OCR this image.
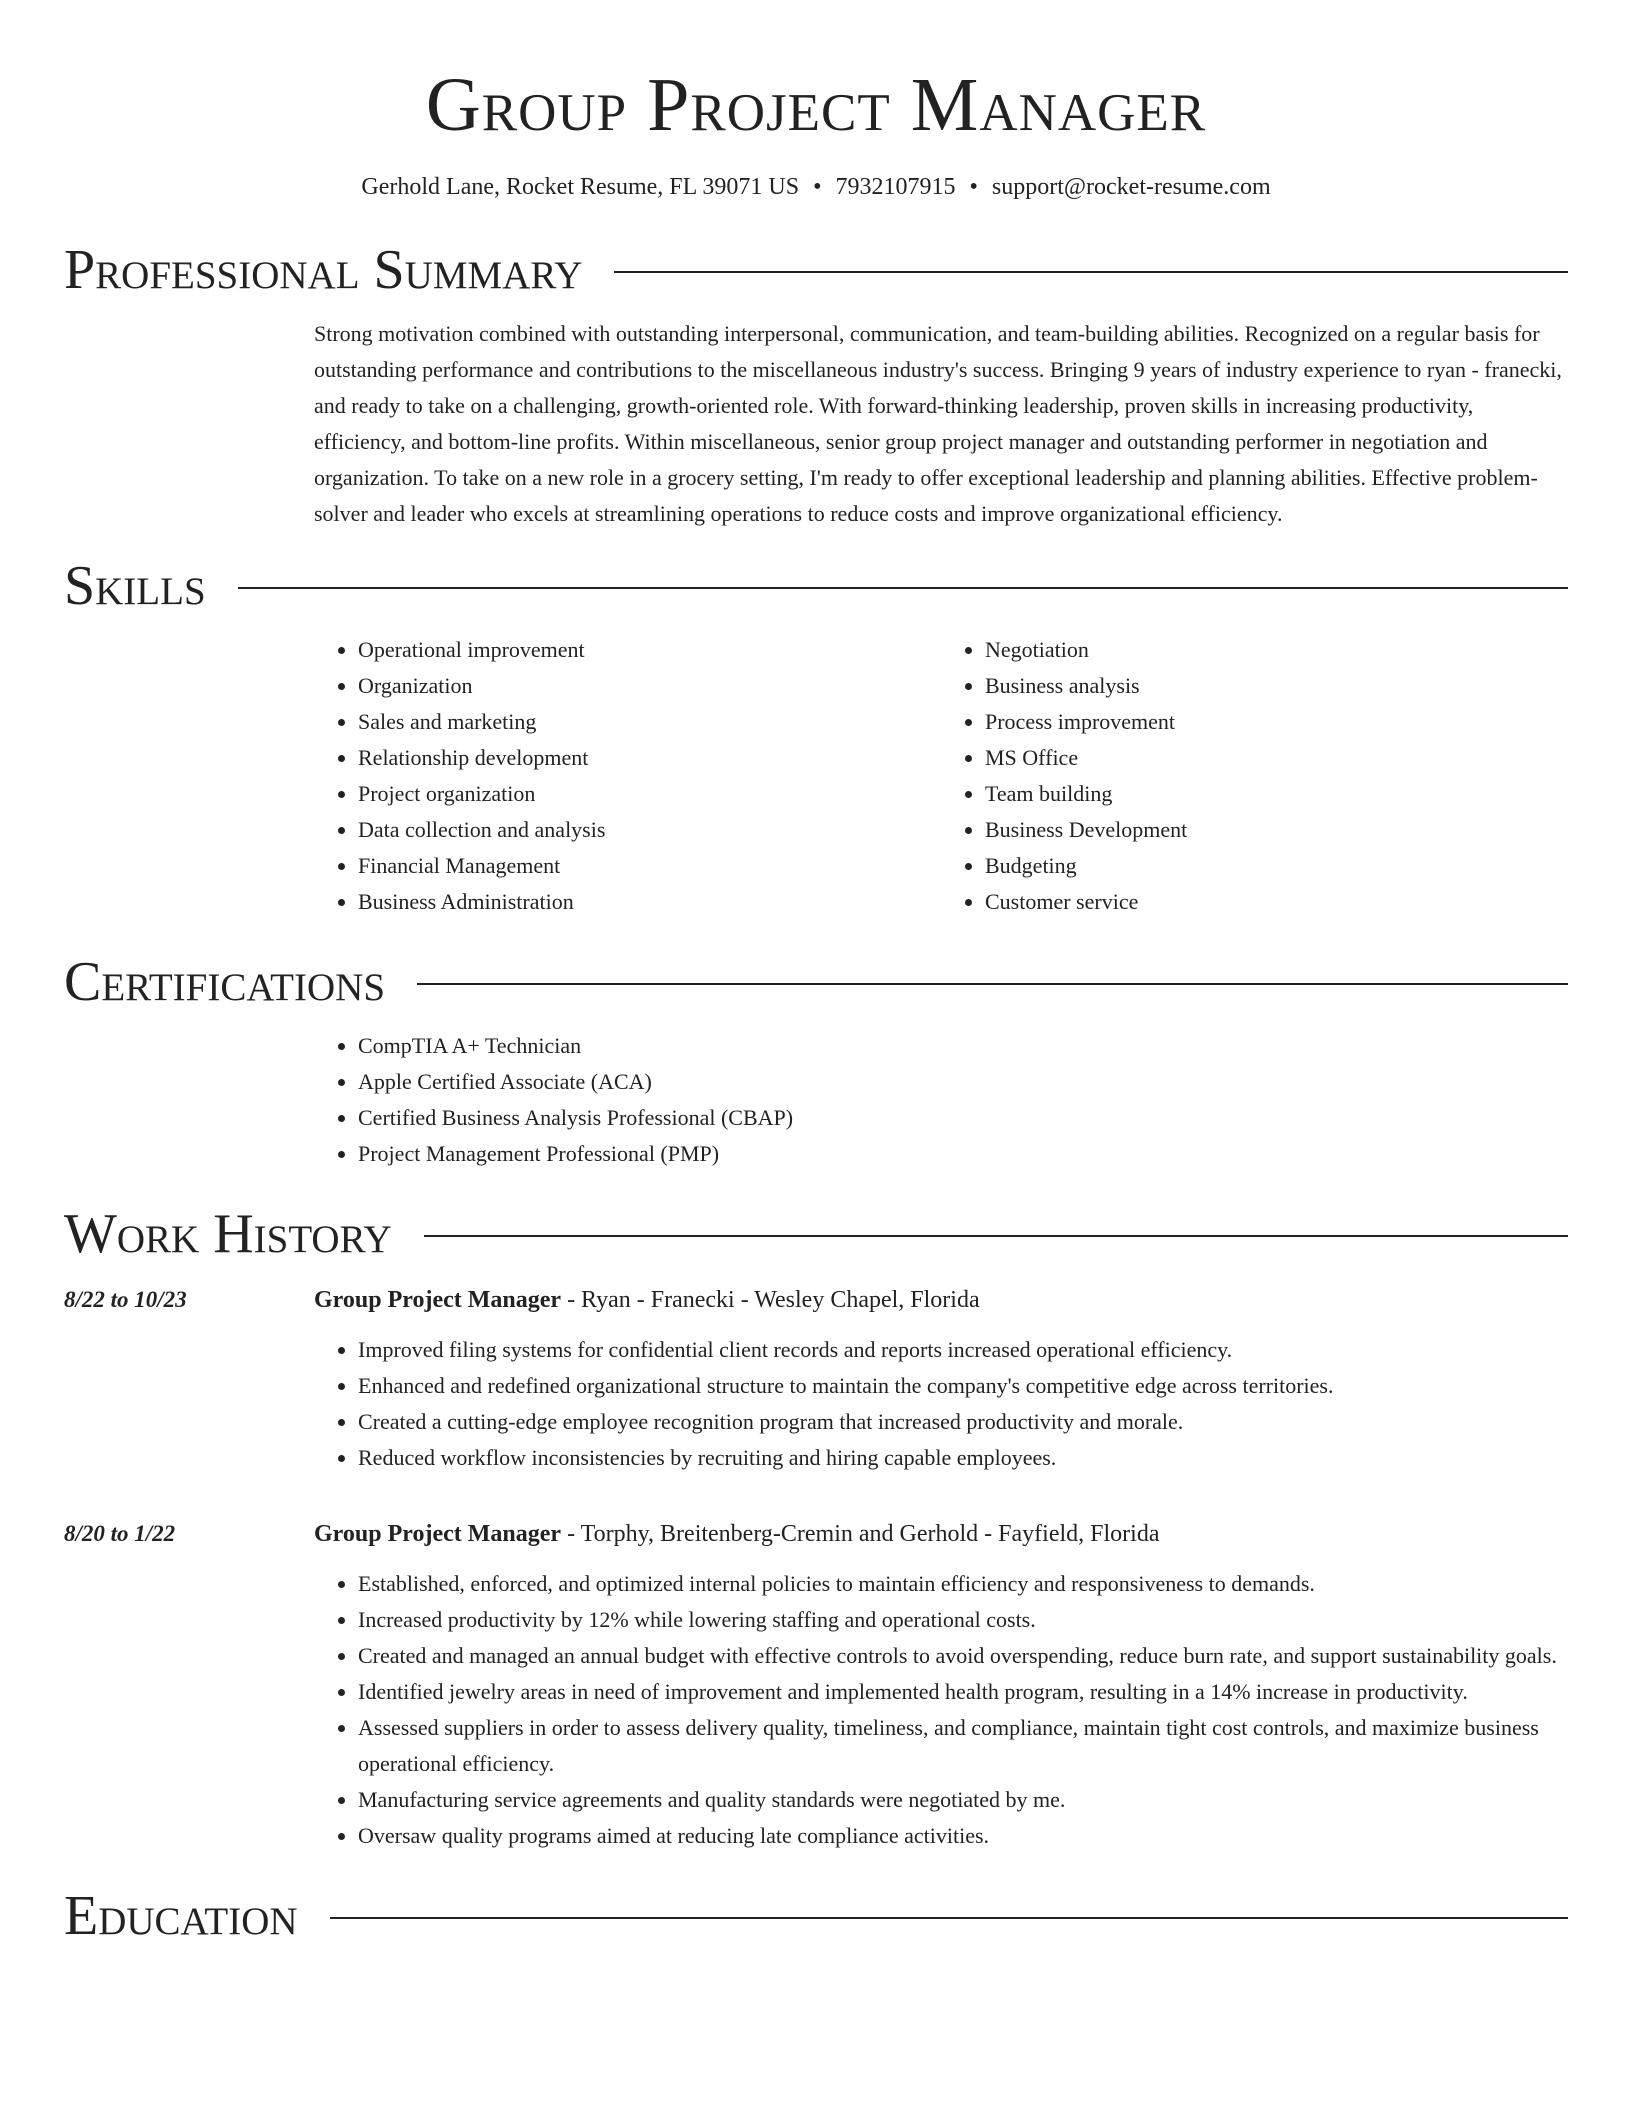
Group Project Manager
Gerhold Lane, Rocket Resume, FL 39071 US • 7932107915 • support@rocket-resume.com
Professional Summary

Strong motivation combined with outstanding interpersonal, communication, and team-building abilities. Recognized on a regular basis for outstanding performance and contributions to the miscellaneous industry's success. Bringing 9 years of industry experience to ryan - franecki, and ready to take on a challenging, growth-oriented role. With forward-thinking leadership, proven skills in increasing productivity, efficiency, and bottom-line profits. Within miscellaneous, senior group project manager and outstanding performer in negotiation and organization. To take on a new role in a grocery setting, I'm ready to offer exceptional leadership and planning abilities. Effective problem-solver and leader who excels at streamlining operations to reduce costs and improve organizational efficiency.

Skills
• Operational improvement
• Organization
• Sales and marketing
• Relationship development
• Project organization
• Data collection and analysis
• Financial Management
• Business Administration
• Negotiation
• Business analysis
• Process improvement
• MS Office
• Team building
• Business Development
• Budgeting
• Customer service
Certifications
• CompTIA A+ Technician
• Apple Certified Associate (ACA)
• Certified Business Analysis Professional (CBAP)
• Project Management Professional (PMP)
Work History
8/22 to 10/23	Group Project Manager - Ryan - Franecki - Wesley Chapel, Florida
• Improved filing systems for confidential client records and reports increased operational efficiency.
• Enhanced and redefined organizational structure to maintain the company's competitive edge across territories.
• Created a cutting-edge employee recognition program that increased productivity and morale.
• Reduced workflow inconsistencies by recruiting and hiring capable employees.
8/20 to 1/22	Group Project Manager - Torphy, Breitenberg-Cremin and Gerhold - Fayfield, Florida
• Established, enforced, and optimized internal policies to maintain efficiency and responsiveness to demands.
• Increased productivity by 12% while lowering staffing and operational costs.
• Created and managed an annual budget with effective controls to avoid overspending, reduce burn rate, and support sustainability goals.
• Identified jewelry areas in need of improvement and implemented health program, resulting in a 14% increase in productivity.
• Assessed suppliers in order to assess delivery quality, timeliness, and compliance, maintain tight cost controls, and maximize business operational efficiency.
• Manufacturing service agreements and quality standards were negotiated by me.
• Oversaw quality programs aimed at reducing late compliance activities.
Education
